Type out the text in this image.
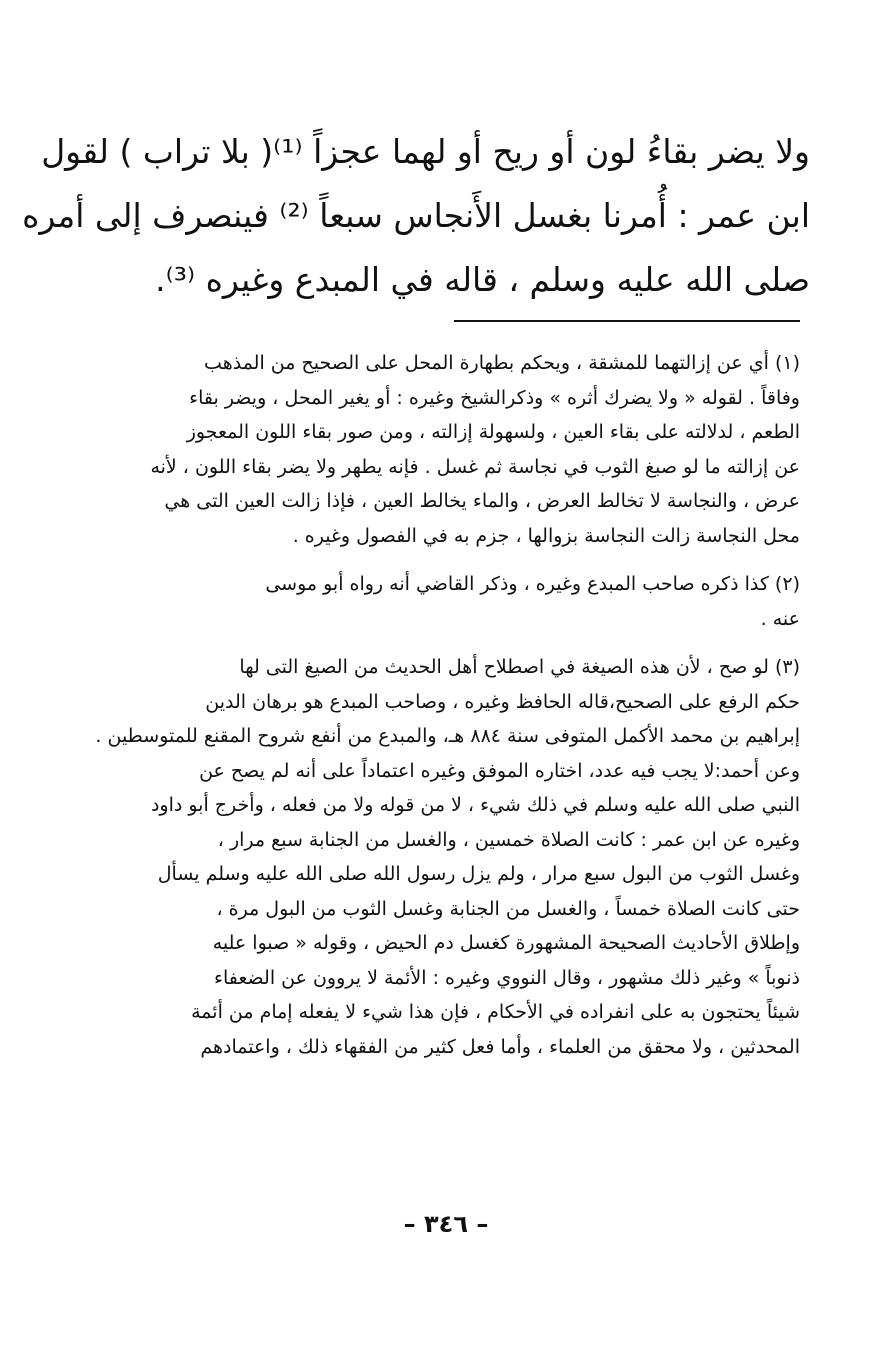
ولا يضر بقاءُ لون أو ريح أو لهما عجزاً ⁽¹⁾( بلا تراب ) لقول
ابن عمر : أُمرنا بغسل الأَنجاس سبعاً ⁽²⁾ فينصرف إلى أمره
صلى الله عليه وسلم ، قاله في المبدع وغيره ⁽³⁾.
(١) أي عن إزالتهما للمشقة ، ويحكم بطهارة المحل على الصحيح من المذهب
وفاقاً . لقوله « ولا يضرك أثره » وذكرالشيخ وغيره : أو يغير المحل ، ويضر بقاء
الطعم ، لدلالته على بقاء العين ، ولسهولة إزالته ، ومن صور بقاء اللون المعجوز
عن إزالته ما لو صبغ الثوب في نجاسة ثم غسل . فإنه يطهر ولا يضر بقاء اللون ، لأنه
عرض ، والنجاسة لا تخالط العرض ، والماء يخالط العين ، فإذا زالت العين التى هي
محل النجاسة زالت النجاسة بزوالها ، جزم به في الفصول وغيره .
(٢) كذا ذكره صاحب المبدع وغيره ، وذكر القاضي أنه رواه أبو موسى
عنه .
(٣) لو صح ، لأن هذه الصيغة في اصطلاح أهل الحديث من الصيغ التى لها
حكم الرفع على الصحيح،قاله الحافظ وغيره ، وصاحب المبدع هو برهان الدين
إبراهيم بن محمد الأكمل المتوفى سنة ٨٨٤ هـ، والمبدع من أنفع شروح المقنع للمتوسطين .
وعن أحمد:لا يجب فيه عدد، اختاره الموفق وغيره اعتماداً على أنه لم يصح عن
النبي صلى الله عليه وسلم في ذلك شيء ، لا من قوله ولا من فعله ، وأخرج أبو داود
وغيره عن ابن عمر : كانت الصلاة خمسين ، والغسل من الجنابة سبع مرار ،
وغسل الثوب من البول سبع مرار ، ولم يزل رسول الله صلى الله عليه وسلم يسأل
حتى كانت الصلاة خمساً ، والغسل من الجنابة وغسل الثوب من البول مرة ،
وإطلاق الأحاديث الصحيحة المشهورة كغسل دم الحيض ، وقوله « صبوا عليه
ذنوباً » وغير ذلك مشهور ، وقال النووي وغيره : الأئمة لا يروون عن الضعفاء
شيئاً يحتجون به على انفراده في الأحكام ، فإن هذا شيء لا يفعله إمام من أئمة
المحدثين ، ولا محقق من العلماء ، وأما فعل كثير من الفقهاء ذلك ، واعتمادهم
– ٣٤٦ –
